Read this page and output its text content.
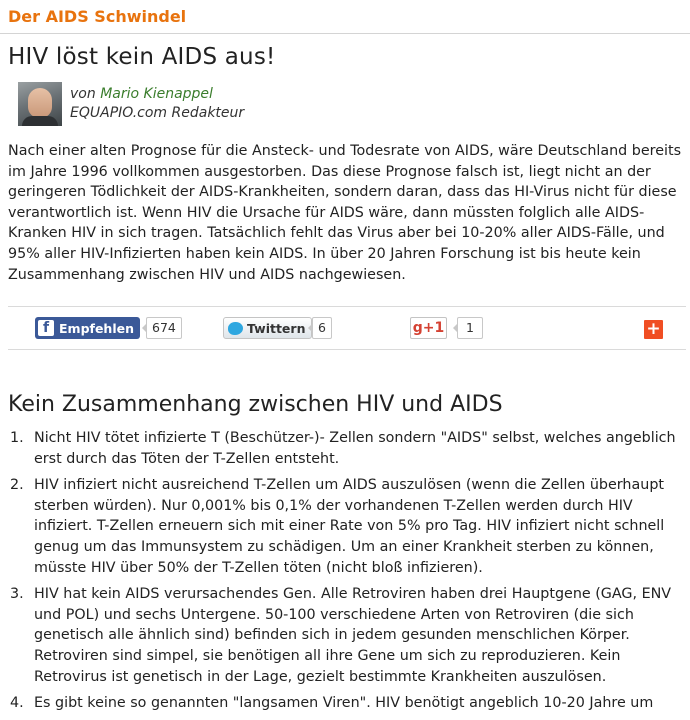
Der AIDS Schwindel
HIV löst kein AIDS aus!
von Mario Kienappel
EQUAPIO.com Redakteur

Nach einer alten Prognose für die Ansteck- und Todesrate von AIDS, wäre Deutschland bereits im Jahre 1996 vollkommen ausgestorben. Das diese Prognose falsch ist, liegt nicht an der geringeren Tödlichkeit der AIDS-Krankheiten, sondern daran, dass das HI-Virus nicht für diese verantwortlich ist. Wenn HIV die Ursache für AIDS wäre, dann müssten folglich alle AIDS-Kranken HIV in sich tragen. Tatsächlich fehlt das Virus aber bei 10-20% aller AIDS-Fälle, und 95% aller HIV-Infizierten haben kein AIDS. In über 20 Jahren Forschung ist bis heute kein Zusammenhang zwischen HIV und AIDS nachgewiesen.

f Empfehlen	674	Twittern	6	g+1	1	+
Kein Zusammenhang zwischen HIV und AIDS
1. Nicht HIV tötet infizierte T (Beschützer-)- Zellen sondern "AIDS" selbst, welches angeblich erst durch das Töten der T-Zellen entsteht.
2. HIV infiziert nicht ausreichend T-Zellen um AIDS auszulösen (wenn die Zellen überhaupt sterben würden). Nur 0,001% bis 0,1% der vorhandenen T-Zellen werden durch HIV infiziert. T-Zellen erneuern sich mit einer Rate von 5% pro Tag. HIV infiziert nicht schnell genug um das Immunsystem zu schädigen. Um an einer Krankheit sterben zu können, müsste HIV über 50% der T-Zellen töten (nicht bloß infizieren).
3. HIV hat kein AIDS verursachendes Gen. Alle Retroviren haben drei Hauptgene (GAG, ENV und POL) und sechs Untergene. 50-100 verschiedene Arten von Retroviren (die sich genetisch alle ähnlich sind) befinden sich in jedem gesunden menschlichen Körper. Retroviren sind simpel, sie benötigen all ihre Gene um sich zu reproduzieren. Kein Retrovirus ist genetisch in der Lage, gezielt bestimmte Krankheiten auszulösen.
4. Es gibt keine so genannten "langsamen Viren". HIV benötigt angeblich 10-20 Jahre um
